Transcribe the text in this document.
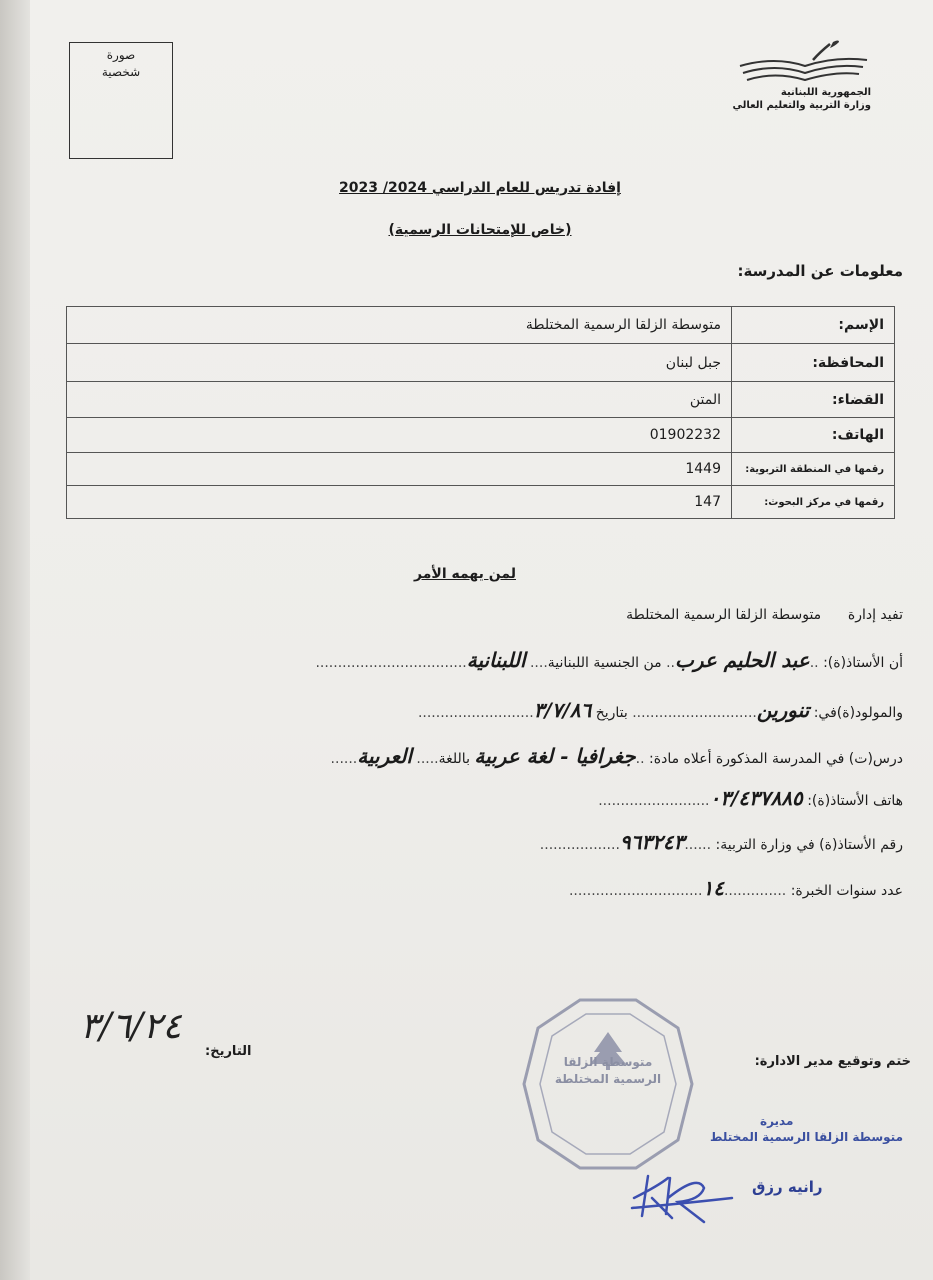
صورة
شخصية
الجمهورية اللبنانية
وزارة التربية والتعليم العالي
إفادة تدريس للعام الدراسي 2024/ 2023
(خاص للإمتحانات الرسمية)
معلومات عن المدرسة:
الإسم:	متوسطة الزلقا الرسمية المختلطة
المحافظة:	جبل لبنان
القضاء:	المتن
الهاتف:	01902232
رقمها في المنطقة التربوية:	1449
رقمها في مركز البحوث:	147
لمن يهمه الأمر
تفيد إدارة      متوسطة الزلقا الرسمية المختلطة
أن الأستاذ(ة): ..عبد الحليم عرب.. من الجنسية اللبنانية.... اللبنانية..................................
والمولود(ة)في: تنورين............................ بتاريخ ٣/٧/٨٦..........................
درس(ت) في المدرسة المذكورة أعلاه مادة: ..جغرافيا - لغة عربية باللغة..... العربية......
هاتف الأستاذ(ة): ٠٣/٤٣٧٨٨٥.........................
رقم الأستاذ(ة) في وزارة التربية: ......٩٦٣٢٤٣..................
عدد سنوات الخبرة: ..............١٤..............................
٣/٦/٢٤
التاريخ:
ختم وتوقيع مدير الادارة:
متوسطة الزلقا
الرسمية المختلطة
مديرة
متوسطة الزلقا الرسمية المختلط
رانيه رزق
